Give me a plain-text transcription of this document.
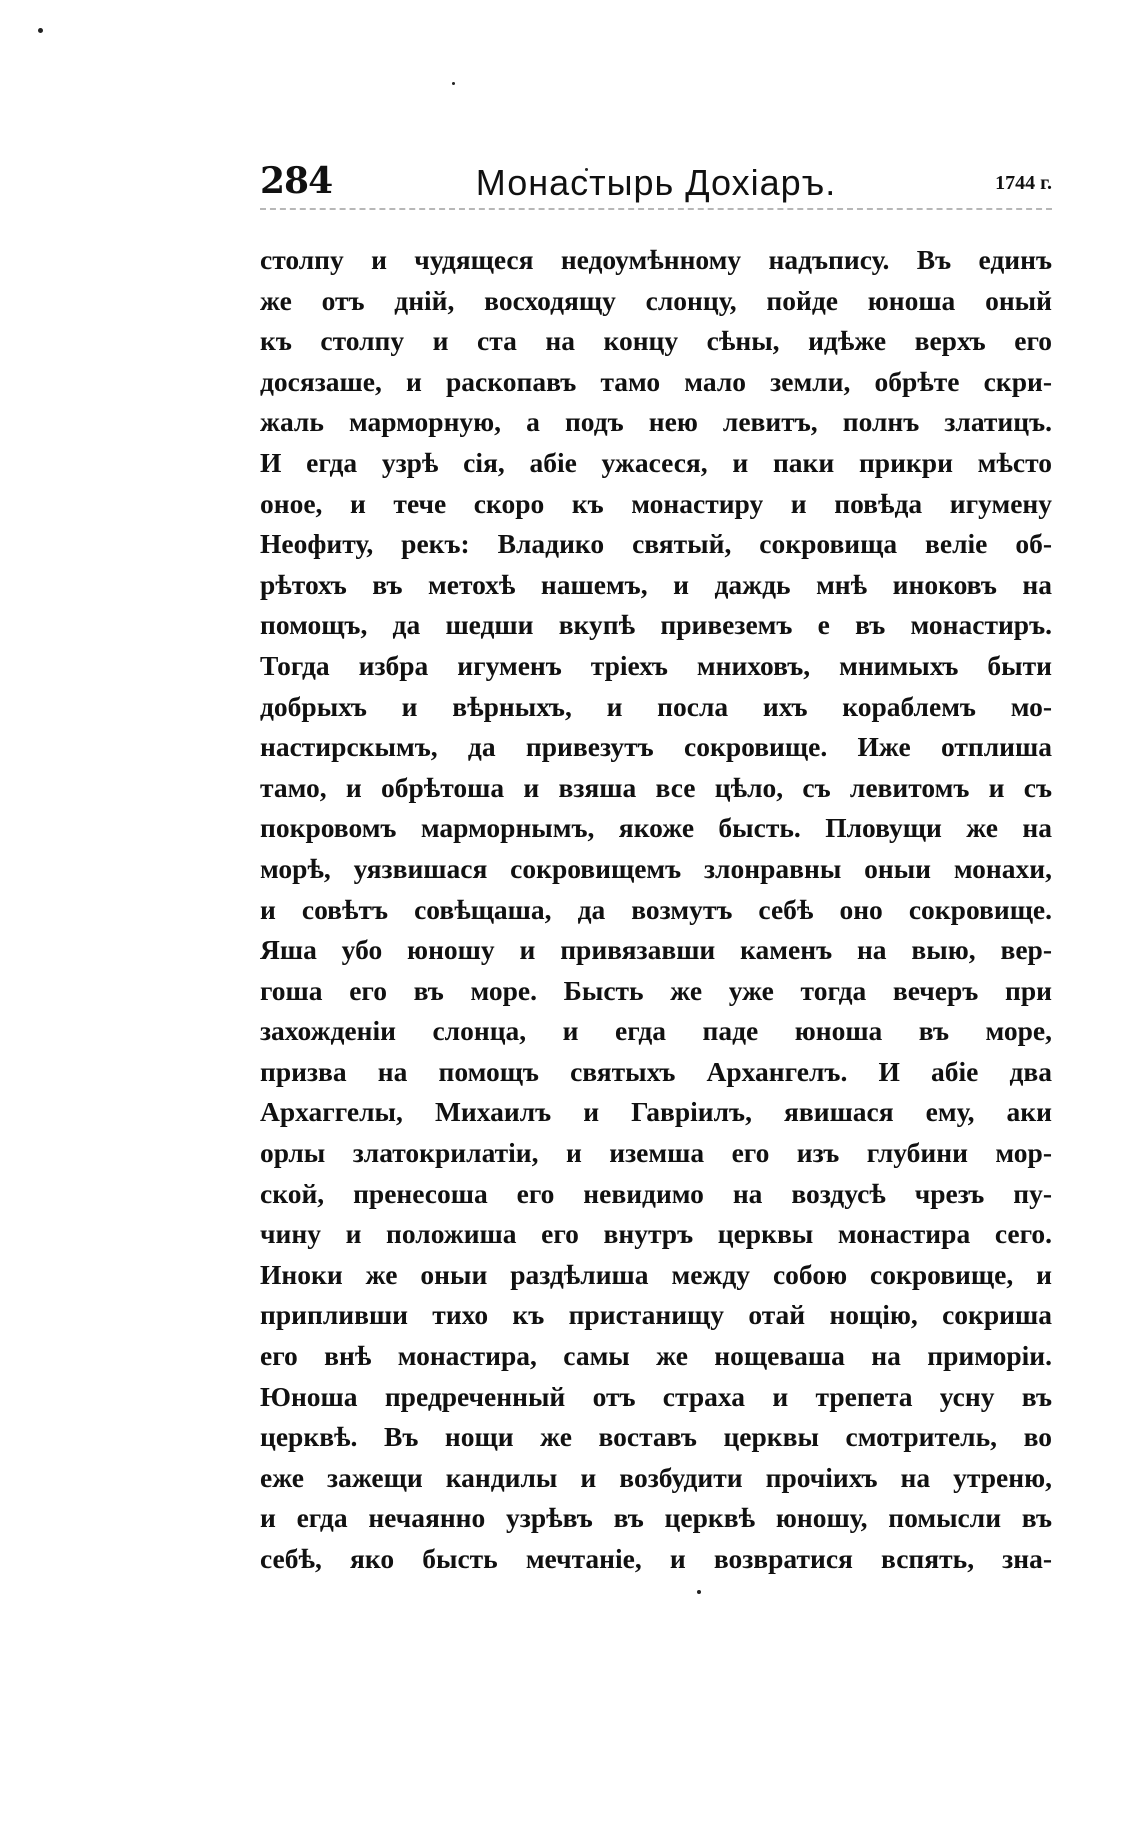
284	Монастырь Дохіаръ.	1744 г.
столпу и чудящеся недоумѣнному надъпису. Въ единъ
же отъ дній, восходящу слонцу, пойде юноша оный
къ столпу и ста на концу сѣны, идѣже верхъ его
досязаше, и раскопавъ тамо мало земли, обрѣте скри-
жаль марморную, а подъ нею левитъ, полнъ златицъ.
И егда узрѣ сія, абіе ужасеся, и паки прикри мѣсто
оное, и тече скоро къ монастиру и повѣда игумену
Неофиту, рекъ: Владико святый, сокровища веліе об-
рѣтохъ въ метохѣ нашемъ, и даждь мнѣ иноковъ на
помощъ, да шедши вкупѣ привеземъ е въ монастиръ.
Тогда избра игуменъ тріехъ мниховъ, мнимыхъ быти
добрыхъ и вѣрныхъ, и посла ихъ кораблемъ мо-
настирскымъ, да привезутъ сокровище. Иже отплиша
тамо, и обрѣтоша и взяша все цѣло, съ левитомъ и съ
покровомъ марморнымъ, якоже бысть. Пловущи же на
морѣ, уязвишася сокровищемъ злонравны оныи монахи,
и совѣтъ совѣщаша, да возмутъ себѣ оно сокровище.
Яша убо юношу и привязавши каменъ на выю, вер-
гоша его въ море. Бысть же уже тогда вечеръ при
захожденіи слонца, и егда паде юноша въ море,
призва на помощъ святыхъ Архангелъ. И абіе два
Архаггелы, Михаилъ и Гавріилъ, явишася ему, аки
орлы златокрилатіи, и иземша его изъ глубини мор-
ской, пренесоша его невидимо на воздусѣ чрезъ пу-
чину и положиша его внутръ церквы монастира сего.
Иноки же оныи раздѣлиша между собою сокровище, и
припливши тихо къ пристанищу отай нощію, сокриша
его внѣ монастира, самы же нощеваша на приморіи.
Юноша предреченный отъ страха и трепета усну въ
церквѣ. Въ нощи же воставъ церквы смотритель, во
еже зажещи кандилы и возбудити прочіихъ на утреню,
и егда нечаянно узрѣвъ въ церквѣ юношу, помысли въ
себѣ, яко бысть мечтаніе, и возвратися вспять, зна-
